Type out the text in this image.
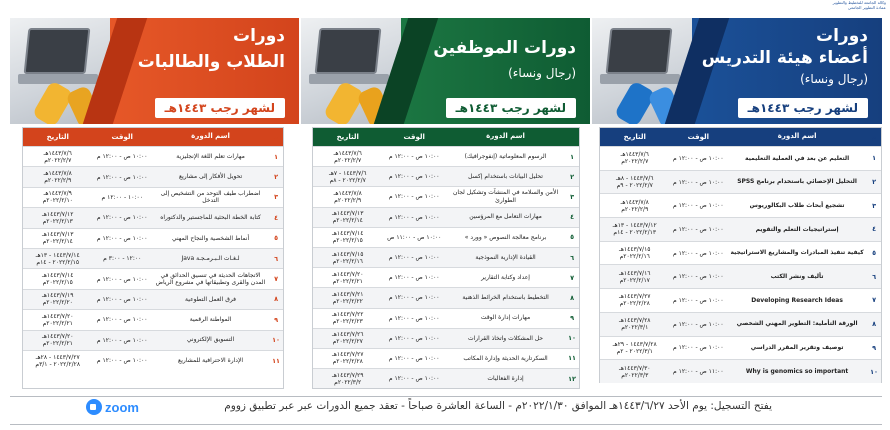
وكالة الجامعة للتخطيط والتطوير
عمادة التطوير الجامعي
دورات
أعضاء هيئة التدريس
(رجال ونساء)
لشهر رجب ١٤٤٣هـ
دورات الموظفين
(رجال ونساء)
لشهر رجب ١٤٤٣هـ
دورات
الطلاب والطالبات
لشهر رجب ١٤٤٣هـ
م
اسم الدورة
الوقت
التاريخ
١
التعليم عن بعد في العملية التعليمية
١٠:٠٠ ص - ١٢:٠٠ م
١٤٤٣/٧/٦هـ
٢٠٢٢/٢/٧م
٢
التحليل الإحصائي باستخدام برنامج SPSS
١٠:٠٠ ص - ١٢:٠٠ م
١٤٤٣/٧/٦ - ٨هـ
٢٠٢٢/٢/٧ - ٩م
٣
تشجيع أبحاث طلاب البكالوريوس
١٠:٠٠ ص - ١٢:٠٠ م
١٤٤٣/٧/٨هـ
٢٠٢٢/٢/٩م
٤
إستراتيجيات التعلم والتقويم
١٠:٠٠ ص - ١٢:٠٠ م
١٤٤٣/٧/١٢ - ١٣هـ
٢٠٢٢/٢/١٣ - ١٤م
٥
كيفية تنفيذ المبادرات والمشاريع الاستراتيجية
١٠:٠٠ ص - ١٢:٠٠ م
١٤٤٣/٧/١٥هـ
٢٠٢٢/٢/١٦م
٦
تأليف ونشر الكتب
١٠:٠٠ ص - ١٢:٠٠ م
١٤٤٣/٧/١٦هـ
٢٠٢٢/٢/١٧م
٧
Developing Research Ideas
١٠:٠٠ ص - ١٢:٠٠ م
١٤٤٣/٧/٢٧هـ
٢٠٢٢/٢/٢٨م
٨
الورقة التأملية: التطوير المهني الشخصي
١٠:٠٠ ص - ١٢:٠٠ م
١٤٤٣/٧/٢٨هـ
٢٠٢٢/٣/١م
٩
توصيف وتقرير المقرر الدراسي
١٠:٠٠ ص - ١٢:٠٠ م
١٤٤٣/٧/٢٨ - ٢٩هـ
٢٠٢٢/٣/١ - ٢م
١٠
Why is genomics so important
١١:٠٠ ص - ١٢:٠٠ م
١٤٤٣/٧/٣٠هـ
٢٠٢٢/٣/٣م
م
اسم الدورة
الوقت
التاريخ
١
الرسوم المعلوماتية (إنفوجرافيك)
١٠:٠٠ ص - ١٢:٠٠ م
١٤٤٣/٧/٦هـ
٢٠٢٢/٢/٧م
٢
تحليل البيانات باستخدام إكسل
١٠:٠٠ ص - ١٢:٠٠ م
١٤٤٣/٧/٦ - ٧هـ
٢٠٢٢/٢/٧ - ٨م
٣
الأمن والسلامة في المنشآت وتشكيل لجان الطوارئ
١٠:٠٠ ص - ١٢:٠٠ م
١٤٤٣/٧/٨هـ
٢٠٢٢/٢/٩م
٤
مهارات التعامل مع المرؤسين
١٠:٠٠ ص - ١٢:٠٠ م
١٤٤٣/٧/١٣هـ
٢٠٢٢/٢/١٤م
٥
برنامج معالجة النصوص « وورد »
١٠:٠٠ ص - ١١:٠٠ ص
١٤٤٣/٧/١٤هـ
٢٠٢٢/٢/١٥م
٦
القيادة الإدارية النموذجية
١٠:٠٠ ص - ١٢:٠٠ م
١٤٤٣/٧/١٥هـ
٢٠٢٢/٢/١٦م
٧
إعداد وكتابة التقارير
١٠:٠٠ ص - ١٢:٠٠ م
١٤٤٣/٧/٢٠هـ
٢٠٢٢/٢/٢١م
٨
التخطيط باستخدام الخرائط الذهنية
١٠:٠٠ ص - ١٢:٠٠ م
١٤٤٣/٧/٢١هـ
٢٠٢٢/٢/٢٢م
٩
مهارات إدارة الوقت
١٠:٠٠ ص - ١٢:٠٠ م
١٤٤٣/٧/٢٢هـ
٢٠٢٢/٢/٢٣م
١٠
حل المشكلات واتخاذ القرارات
١٠:٠٠ ص - ١٢:٠٠ م
١٤٤٣/٧/٢٦هـ
٢٠٢٢/٢/٢٧م
١١
السكرتارية الحديثة وإدارة المكاتب
١٠:٠٠ ص - ١٢:٠٠ م
١٤٤٣/٧/٢٧هـ
٢٠٢٢/٢/٢٨م
١٢
إدارة الفعاليات
١٠:٠٠ ص - ١٢:٠٠ م
١٤٤٣/٧/٢٩هـ
٢٠٢٢/٣/٢م
م
اسم الدورة
الوقت
التاريخ
١
مهارات تعلم اللغة الإنجليزية
١٠:٠٠ ص - ١٢:٠٠ م
١٤٤٣/٧/٦هـ
٢٠٢٢/٢/٧م
٢
تحويل الأفكار إلى مشاريع
١٠:٠٠ ص - ١٢:٠٠ م
١٤٤٣/٧/٨هـ
٢٠٢٢/٢/٩م
٣
اضطراب طيف التوحد من التشخيص إلى التدخل
١٠:٠٠ - ١٢:٠٠ م
١٤٤٣/٧/٩هـ
٢٠٢٢/٢/١٠م
٤
كتابة الخطة البحثية للماجستير والدكتوراه
١٠:٠٠ ص - ١٢:٠٠ م
١٤٤٣/٧/١٢هـ
٢٠٢٢/٢/١٣م
٥
أنماط الشخصية والنجاح المهني
١٠:٠٠ ص - ١٢:٠٠ م
١٤٤٣/٧/١٣هـ
٢٠٢٢/٢/١٤م
٦
لـغـات الـبـرمـجـة Java
١٢:٠٠ - ٣:٠٠ م
١٤٤٣/٧/١٤ - ١٣هـ
٢٠٢٢/٢/١٥ - ١٤م
٧
الاتجاهات الحديثة في تنسيق الحدائق في المدن والقرى وتطبيقاتها في مشروع الرياض
١٠:٠٠ ص - ١٢:٠٠ م
١٤٤٣/٧/١٤هـ
٢٠٢٢/٢/١٥م
٨
فرق العمل التطوعية
١٠:٠٠ ص - ١٢:٠٠ م
١٤٤٣/٧/١٩هـ
٢٠٢٢/٢/٢٠م
٩
المواطنة الرقمية
١٠:٠٠ ص - ١٢:٠٠ م
١٤٤٣/٧/٢٠هـ
٢٠٢٢/٢/٢١م
١٠
التسويق الإلكتروني
١٠:٠٠ ص - ١٢:٠٠ م
١٤٤٣/٧/٢٠هـ
٢٠٢٢/٢/٢١م
١١
الإدارة الاحترافية للمشاريع
١٠:٠٠ ص - ١٢:٠٠ م
١٤٤٣/٧/٢٧ - ٢٨هـ
٢٠٢٢/٢/٢٨ - ٣/١م
يفتح التسجيل: يوم الأحد ١٤٤٣/٦/٢٧هـ الموافق ٢٠٢٢/١/٣٠م - الساعة العاشرة صباحاً - تعقد جميع الدورات عبر عبر تطبيق زووم
zoom
